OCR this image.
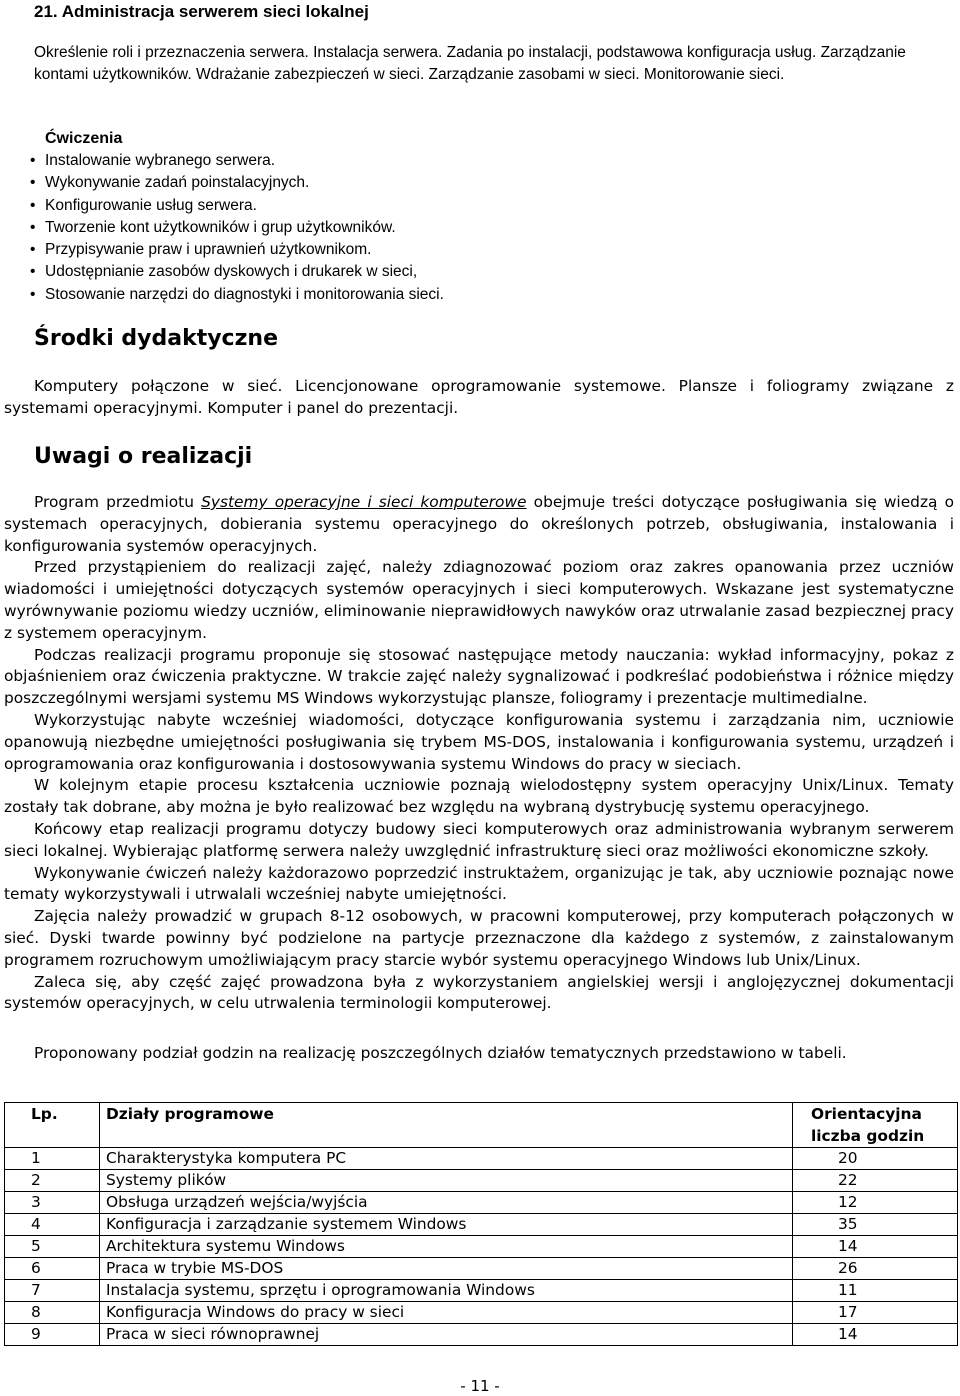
21. Administracja serwerem sieci lokalnej

Określenie roli i przeznaczenia serwera. Instalacja serwera. Zadania po instalacji, podstawowa konfiguracja usług. Zarządzanie kontami użytkowników. Wdrażanie zabezpieczeń w sieci. Zarządzanie zasobami w sieci. Monitorowanie sieci.

Ćwiczenia
• Instalowanie wybranego serwera.
• Wykonywanie zadań poinstalacyjnych.
• Konfigurowanie usług serwera.
• Tworzenie kont użytkowników i grup użytkowników.
• Przypisywanie praw i uprawnień użytkownikom.
• Udostępnianie zasobów dyskowych i drukarek w sieci,
• Stosowanie narzędzi do diagnostyki i monitorowania sieci.
Środki dydaktyczne

Komputery połączone w sieć. Licencjonowane oprogramowanie systemowe. Plansze i foliogramy związane z systemami operacyjnymi. Komputer i panel do prezentacji.

Uwagi o realizacji

Program przedmiotu Systemy operacyjne i sieci komputerowe obejmuje treści dotyczące posługiwania się wiedzą o systemach operacyjnych, dobierania systemu operacyjnego do określonych potrzeb, obsługiwania, instalowania i konfigurowania systemów operacyjnych.

Przed przystąpieniem do realizacji zajęć, należy zdiagnozować poziom oraz zakres opanowania przez uczniów wiadomości i umiejętności dotyczących systemów operacyjnych i sieci komputerowych. Wskazane jest systematyczne wyrównywanie poziomu wiedzy uczniów, eliminowanie nieprawidłowych nawyków oraz utrwalanie zasad bezpiecznej pracy z systemem operacyjnym.

Podczas realizacji programu proponuje się stosować następujące metody nauczania: wykład informacyjny, pokaz z objaśnieniem oraz ćwiczenia praktyczne. W trakcie zajęć należy sygnalizować i podkreślać podobieństwa i różnice między poszczególnymi wersjami systemu MS Windows wykorzystując plansze, foliogramy i prezentacje multimedialne.

Wykorzystując nabyte wcześniej wiadomości, dotyczące konfigurowania systemu i zarządzania nim, uczniowie opanowują niezbędne umiejętności posługiwania się trybem MS-DOS, instalowania i konfigurowania systemu, urządzeń i oprogramowania oraz konfigurowania i dostosowywania systemu Windows do pracy w sieciach.

W kolejnym etapie procesu kształcenia uczniowie poznają wielodostępny system operacyjny Unix/Linux. Tematy zostały tak dobrane, aby można je było realizować bez względu na wybraną dystrybucję systemu operacyjnego.

Końcowy etap realizacji programu dotyczy budowy sieci komputerowych oraz administrowania wybranym serwerem sieci lokalnej. Wybierając platformę serwera należy uwzględnić infrastrukturę sieci oraz możliwości ekonomiczne szkoły.

Wykonywanie ćwiczeń należy każdorazowo poprzedzić instruktażem, organizując je tak, aby uczniowie poznając nowe tematy wykorzystywali i utrwalali wcześniej nabyte umiejętności.

Zajęcia należy prowadzić w grupach 8-12 osobowych, w pracowni komputerowej, przy komputerach połączonych w sieć. Dyski twarde powinny być podzielone na partycje przeznaczone dla każdego z systemów, z zainstalowanym programem rozruchowym umożliwiającym pracy starcie wybór systemu operacyjnego Windows lub Unix/Linux.

Zaleca się, aby część zajęć prowadzona była z wykorzystaniem angielskiej wersji i anglojęzycznej dokumentacji systemów operacyjnych, w celu utrwalenia terminologii komputerowej.

Proponowany podział godzin na realizację poszczególnych działów tematycznych przedstawiono w tabeli.

Lp.	Działy programowe	Orientacyjna
liczba godzin
1	Charakterystyka komputera PC	20
2	Systemy plików	22
3	Obsługa urządzeń wejścia/wyjścia	12
4	Konfiguracja i zarządzanie systemem Windows	35
5	Architektura systemu Windows	14
6	Praca w trybie MS-DOS	26
7	Instalacja systemu, sprzętu i oprogramowania Windows	11
8	Konfiguracja Windows do pracy w sieci	17
9	Praca w sieci równoprawnej	14

- 11 -
